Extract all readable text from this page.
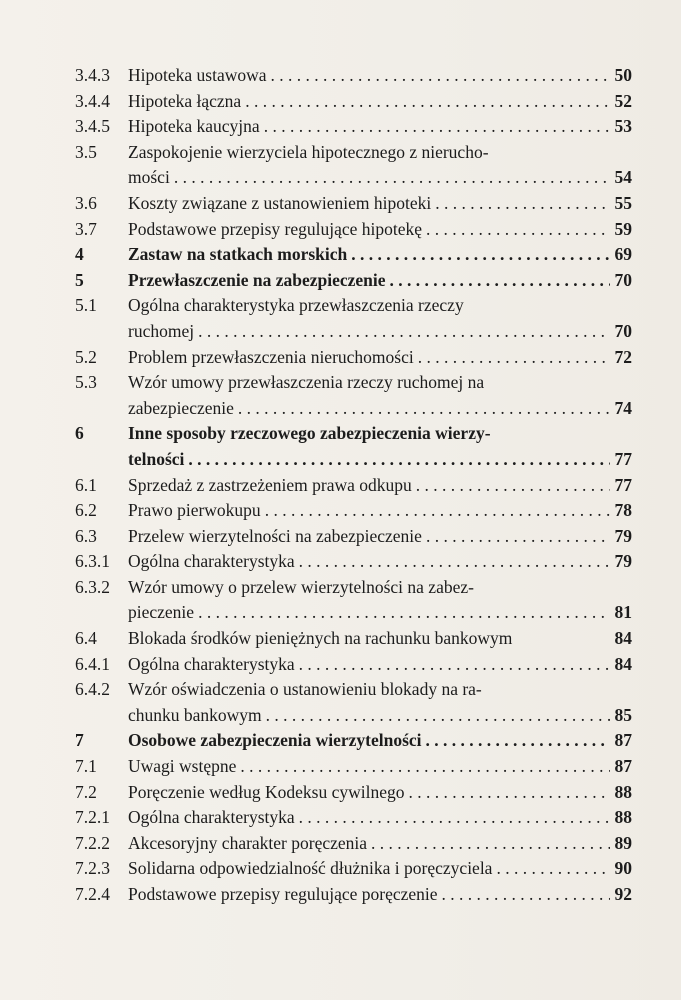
3.4.3	Hipoteka ustawowa . . .	50
3.4.4	Hipoteka łączna . . .	52
3.4.5	Hipoteka kaucyjna . . .	53
3.5	Zaspokojenie wierzyciela hipotecznego z nierucho-
mości . . .	54
3.6	Koszty związane z ustanowieniem hipoteki . . .	55
3.7	Podstawowe przepisy regulujące hipotekę . . .	59
4	Zastaw na statkach morskich . . .	69
5	Przewłaszczenie na zabezpieczenie . . .	70
5.1	Ogólna charakterystyka przewłaszczenia rzeczy
ruchomej . . .	70
5.2	Problem przewłaszczenia nieruchomości . . .	72
5.3	Wzór umowy przewłaszczenia rzeczy ruchomej na
zabezpieczenie . . .	74
6	Inne sposoby rzeczowego zabezpieczenia wierzy-
telności . . .	77
6.1	Sprzedaż z zastrzeżeniem prawa odkupu . . .	77
6.2	Prawo pierwokupu . . .	78
6.3	Przelew wierzytelności na zabezpieczenie . . .	79
6.3.1	Ogólna charakterystyka . . .	79
6.3.2	Wzór umowy o przelew wierzytelności na zabez-
pieczenie . . .	81
6.4	Blokada środków pieniężnych na rachunku bankowym	84
6.4.1	Ogólna charakterystyka . . .	84
6.4.2	Wzór oświadczenia o ustanowieniu blokady na ra-
chunku bankowym . . .	85
7	Osobowe zabezpieczenia wierzytelności . . .	87
7.1	Uwagi wstępne . . .	87
7.2	Poręczenie według Kodeksu cywilnego . . .	88
7.2.1	Ogólna charakterystyka . . .	88
7.2.2	Akcesoryjny charakter poręczenia . . .	89
7.2.3	Solidarna odpowiedzialność dłużnika i poręczyciela . . .	90
7.2.4	Podstawowe przepisy regulujące poręczenie . . .	92
